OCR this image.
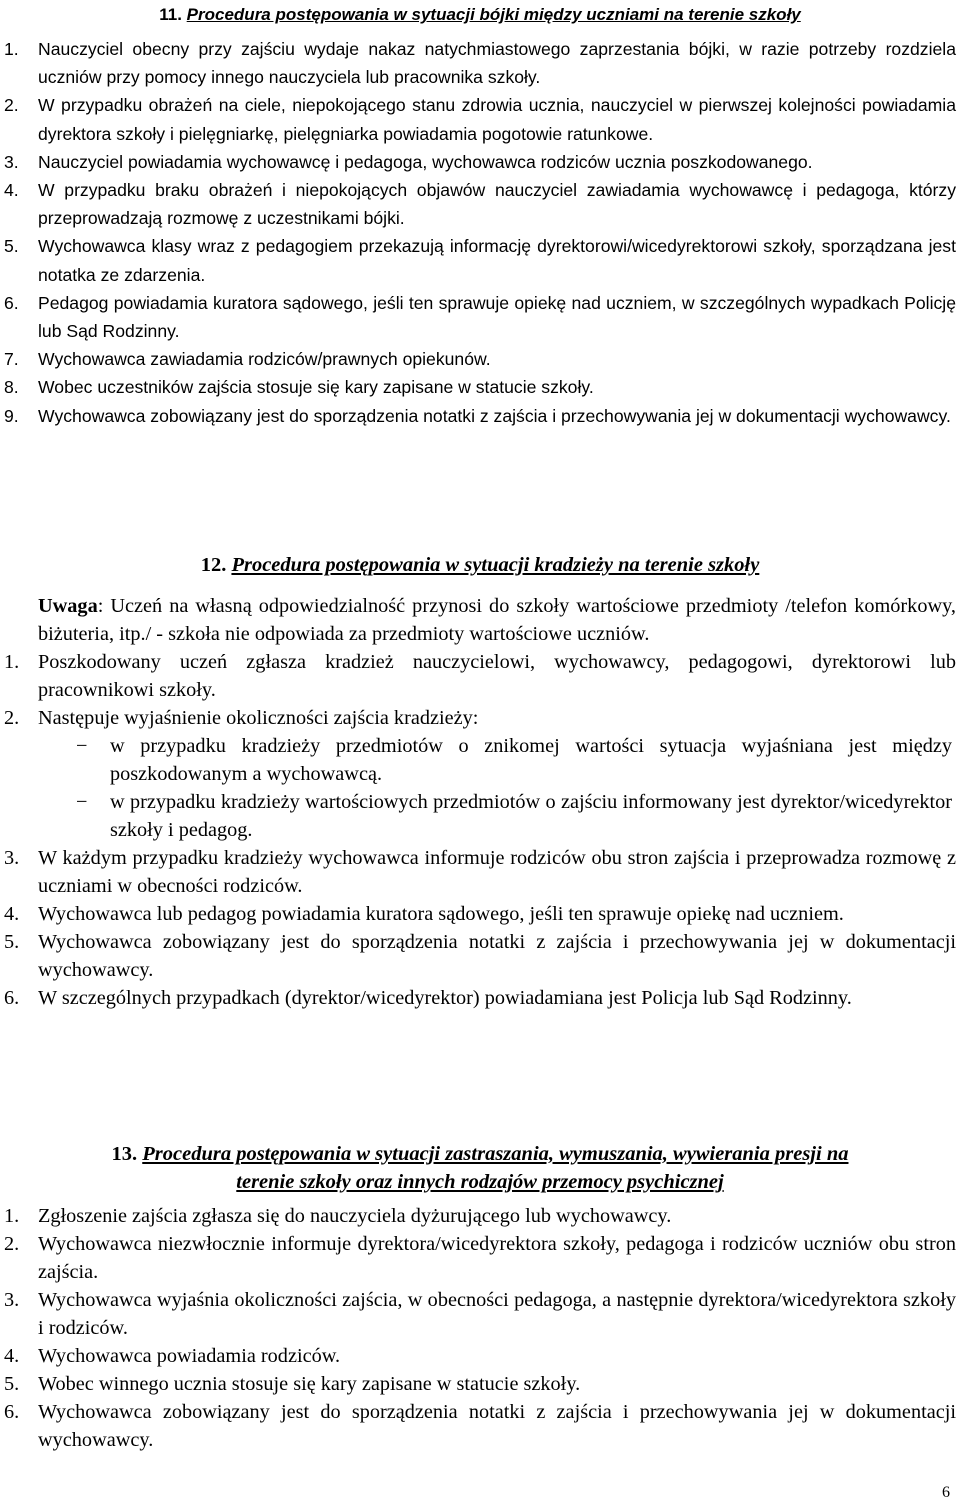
11. Procedura postępowania w sytuacji bójki między uczniami na terenie szkoły
1. Nauczyciel obecny przy zajściu wydaje nakaz natychmiastowego zaprzestania bójki, w razie potrzeby rozdziela uczniów przy pomocy innego nauczyciela lub pracownika szkoły.
2. W przypadku obrażeń na ciele, niepokojącego stanu zdrowia ucznia, nauczyciel w pierwszej kolejności powiadamia dyrektora szkoły i pielęgniarkę, pielęgniarka powiadamia pogotowie ratunkowe.
3. Nauczyciel powiadamia wychowawcę i pedagoga, wychowawca rodziców ucznia poszkodowanego.
4. W przypadku braku obrażeń i niepokojących objawów nauczyciel zawiadamia wychowawcę i pedagoga, którzy przeprowadzają rozmowę z uczestnikami bójki.
5. Wychowawca klasy wraz z pedagogiem przekazują informację dyrektorowi/wicedyrektorowi szkoły, sporządzana jest notatka ze zdarzenia.
6. Pedagog powiadamia kuratora sądowego, jeśli ten sprawuje opiekę nad uczniem, w szczególnych wypadkach Policję lub Sąd Rodzinny.
7. Wychowawca zawiadamia rodziców/prawnych opiekunów.
8. Wobec uczestników zajścia stosuje się kary zapisane w statucie szkoły.
9. Wychowawca zobowiązany jest do sporządzenia notatki z zajścia i przechowywania jej w dokumentacji wychowawcy.
12. Procedura postępowania w sytuacji kradzieży na terenie szkoły

Uwaga: Uczeń na własną odpowiedzialność przynosi do szkoły wartościowe przedmioty /telefon komórkowy, biżuteria, itp./ - szkoła nie odpowiada za przedmioty wartościowe uczniów.

1. Poszkodowany uczeń zgłasza kradzież nauczycielowi, wychowawcy, pedagogowi, dyrektorowi lub pracownikowi szkoły.
2. Następuje wyjaśnienie okoliczności zajścia kradzieży:
− w przypadku kradzieży przedmiotów o znikomej wartości sytuacja wyjaśniana jest między poszkodowanym a wychowawcą.
− w przypadku kradzieży wartościowych przedmiotów o zajściu informowany jest dyrektor/wicedyrektor szkoły i pedagog.
3. W każdym przypadku kradzieży wychowawca informuje rodziców obu stron zajścia i przeprowadza rozmowę z uczniami w obecności rodziców.
4. Wychowawca lub pedagog powiadamia kuratora sądowego, jeśli ten sprawuje opiekę nad uczniem.
5. Wychowawca zobowiązany jest do sporządzenia notatki z zajścia i przechowywania jej w dokumentacji wychowawcy.
6. W szczególnych przypadkach (dyrektor/wicedyrektor) powiadamiana jest Policja lub Sąd Rodzinny.
13. Procedura postępowania w sytuacji zastraszania, wymuszania, wywierania presji na
terenie szkoły oraz innych rodzajów przemocy psychicznej
1. Zgłoszenie zajścia zgłasza się do nauczyciela dyżurującego lub wychowawcy.
2. Wychowawca niezwłocznie informuje dyrektora/wicedyrektora szkoły, pedagoga i rodziców uczniów obu stron zajścia.
3. Wychowawca wyjaśnia okoliczności zajścia, w obecności pedagoga, a następnie dyrektora/wicedyrektora szkoły i rodziców.
4. Wychowawca powiadamia rodziców.
5. Wobec winnego ucznia stosuje się kary zapisane w statucie szkoły.
6. Wychowawca zobowiązany jest do sporządzenia notatki z zajścia i przechowywania jej w dokumentacji wychowawcy.
6
